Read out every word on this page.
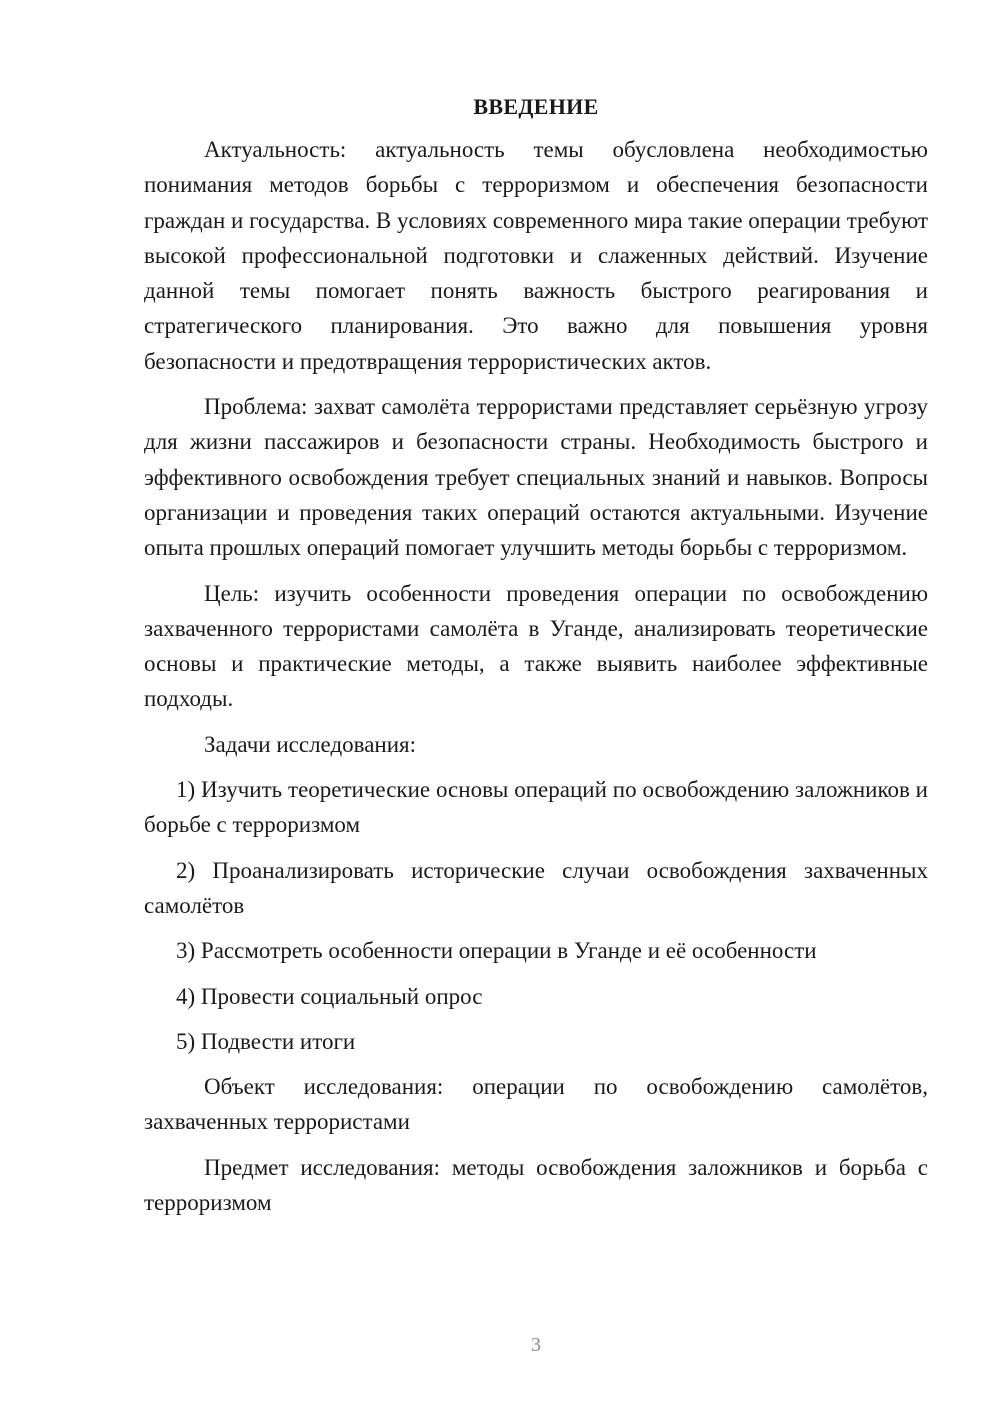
ВВЕДЕНИЕ

Актуальность: актуальность темы обусловлена необходимостью понимания методов борьбы с терроризмом и обеспечения безопасности граждан и государства. В условиях современного мира такие операции требуют высокой профессиональной подготовки и слаженных действий. Изучение данной темы помогает понять важность быстрого реагирования и стратегического планирования. Это важно для повышения уровня безопасности и предотвращения террористических актов.

Проблема: захват самолёта террористами представляет серьёзную угрозу для жизни пассажиров и безопасности страны. Необходимость быстрого и эффективного освобождения требует специальных знаний и навыков. Вопросы организации и проведения таких операций остаются актуальными. Изучение опыта прошлых операций помогает улучшить методы борьбы с терроризмом.

Цель: изучить особенности проведения операции по освобождению захваченного террористами самолёта в Уганде, анализировать теоретические основы и практические методы, а также выявить наиболее эффективные подходы.

Задачи исследования:

1) Изучить теоретические основы операций по освобождению заложников и борьбе с терроризмом

2) Проанализировать исторические случаи освобождения захваченных самолётов

3) Рассмотреть особенности операции в Уганде и её особенности

4) Провести социальный опрос

5) Подвести итоги

Объект исследования: операции по освобождению самолётов, захваченных террористами

Предмет исследования: методы освобождения заложников и борьба с терроризмом

3
